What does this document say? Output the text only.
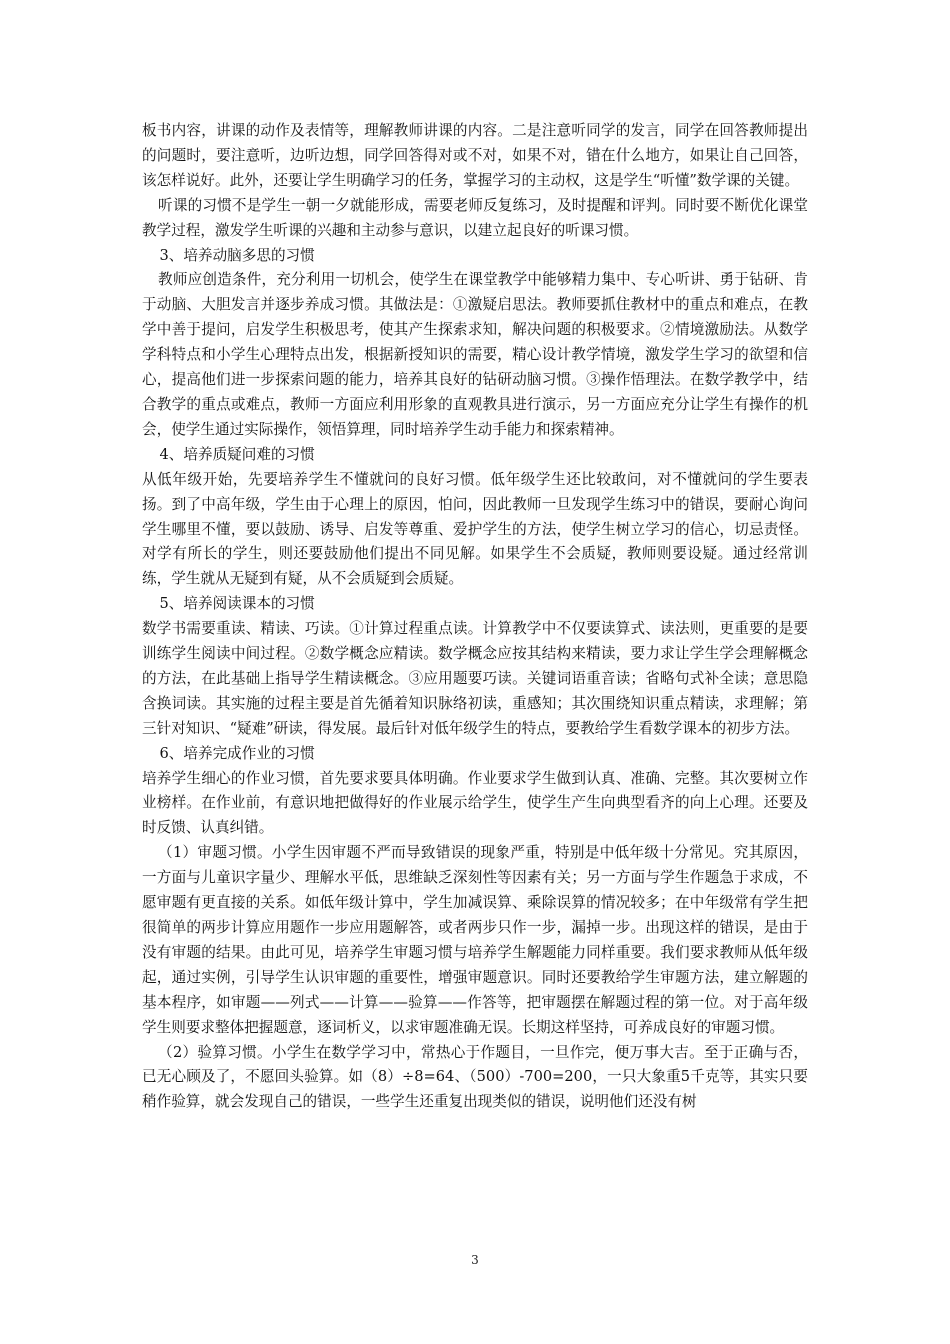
板书内容，讲课的动作及表情等，理解教师讲课的内容。二是注意听同学的发言，同学在回答教师提出的问题时，要注意听，边听边想，同学回答得对或不对，如果不对，错在什么地方，如果让自己回答，该怎样说好。此外，还要让学生明确学习的任务，掌握学习的主动权，这是学生“听懂”数学课的关键。

听课的习惯不是学生一朝一夕就能形成，需要老师反复练习，及时提醒和评判。同时要不断优化课堂教学过程，激发学生听课的兴趣和主动参与意识，以建立起良好的听课习惯。

3、培养动脑多思的习惯

教师应创造条件，充分利用一切机会，使学生在课堂教学中能够精力集中、专心听讲、勇于钻研、肯于动脑、大胆发言并逐步养成习惯。其做法是：①激疑启思法。教师要抓住教材中的重点和难点，在教学中善于提问，启发学生积极思考，使其产生探索求知，解决问题的积极要求。②情境激励法。从数学学科特点和小学生心理特点出发，根据新授知识的需要，精心设计教学情境，激发学生学习的欲望和信心，提高他们进一步探索问题的能力，培养其良好的钻研动脑习惯。③操作悟理法。在数学教学中，结合教学的重点或难点，教师一方面应利用形象的直观教具进行演示，另一方面应充分让学生有操作的机会，使学生通过实际操作，领悟算理，同时培养学生动手能力和探索精神。

4、培养质疑问难的习惯

从低年级开始，先要培养学生不懂就问的良好习惯。低年级学生还比较敢问，对不懂就问的学生要表扬。到了中高年级，学生由于心理上的原因，怕问，因此教师一旦发现学生练习中的错误，要耐心询问学生哪里不懂，要以鼓励、诱导、启发等尊重、爱护学生的方法，使学生树立学习的信心，切忌责怪。对学有所长的学生，则还要鼓励他们提出不同见解。如果学生不会质疑，教师则要设疑。通过经常训练，学生就从无疑到有疑，从不会质疑到会质疑。

5、培养阅读课本的习惯

数学书需要重读、精读、巧读。①计算过程重点读。计算教学中不仅要读算式、读法则，更重要的是要训练学生阅读中间过程。②数学概念应精读。数学概念应按其结构来精读，要力求让学生学会理解概念的方法，在此基础上指导学生精读概念。③应用题要巧读。关键词语重音读；省略句式补全读；意思隐含换词读。其实施的过程主要是首先循着知识脉络初读，重感知；其次围绕知识重点精读，求理解；第三针对知识、“疑难”研读，得发展。最后针对低年级学生的特点，要教给学生看数学课本的初步方法。

6、培养完成作业的习惯

培养学生细心的作业习惯，首先要求要具体明确。作业要求学生做到认真、准确、完整。其次要树立作业榜样。在作业前，有意识地把做得好的作业展示给学生，使学生产生向典型看齐的向上心理。还要及时反馈、认真纠错。

（1）审题习惯。小学生因审题不严而导致错误的现象严重，特别是中低年级十分常见。究其原因，一方面与儿童识字量少、理解水平低，思维缺乏深刻性等因素有关；另一方面与学生作题急于求成，不愿审题有更直接的关系。如低年级计算中，学生加减误算、乘除误算的情况较多；在中年级常有学生把很简单的两步计算应用题作一步应用题解答，或者两步只作一步，漏掉一步。出现这样的错误，是由于没有审题的结果。由此可见，培养学生审题习惯与培养学生解题能力同样重要。我们要求教师从低年级起，通过实例，引导学生认识审题的重要性，增强审题意识。同时还要教给学生审题方法，建立解题的基本程序，如审题——列式——计算——验算——作答等，把审题摆在解题过程的第一位。对于高年级学生则要求整体把握题意，逐词析义，以求审题准确无误。长期这样坚持，可养成良好的审题习惯。

（2）验算习惯。小学生在数学学习中，常热心于作题目，一旦作完，便万事大吉。至于正确与否，已无心顾及了，不愿回头验算。如（8）÷8=64、（500）-700=200，一只大象重5千克等，其实只要稍作验算，就会发现自己的错误，一些学生还重复出现类似的错误，说明他们还没有树

3
